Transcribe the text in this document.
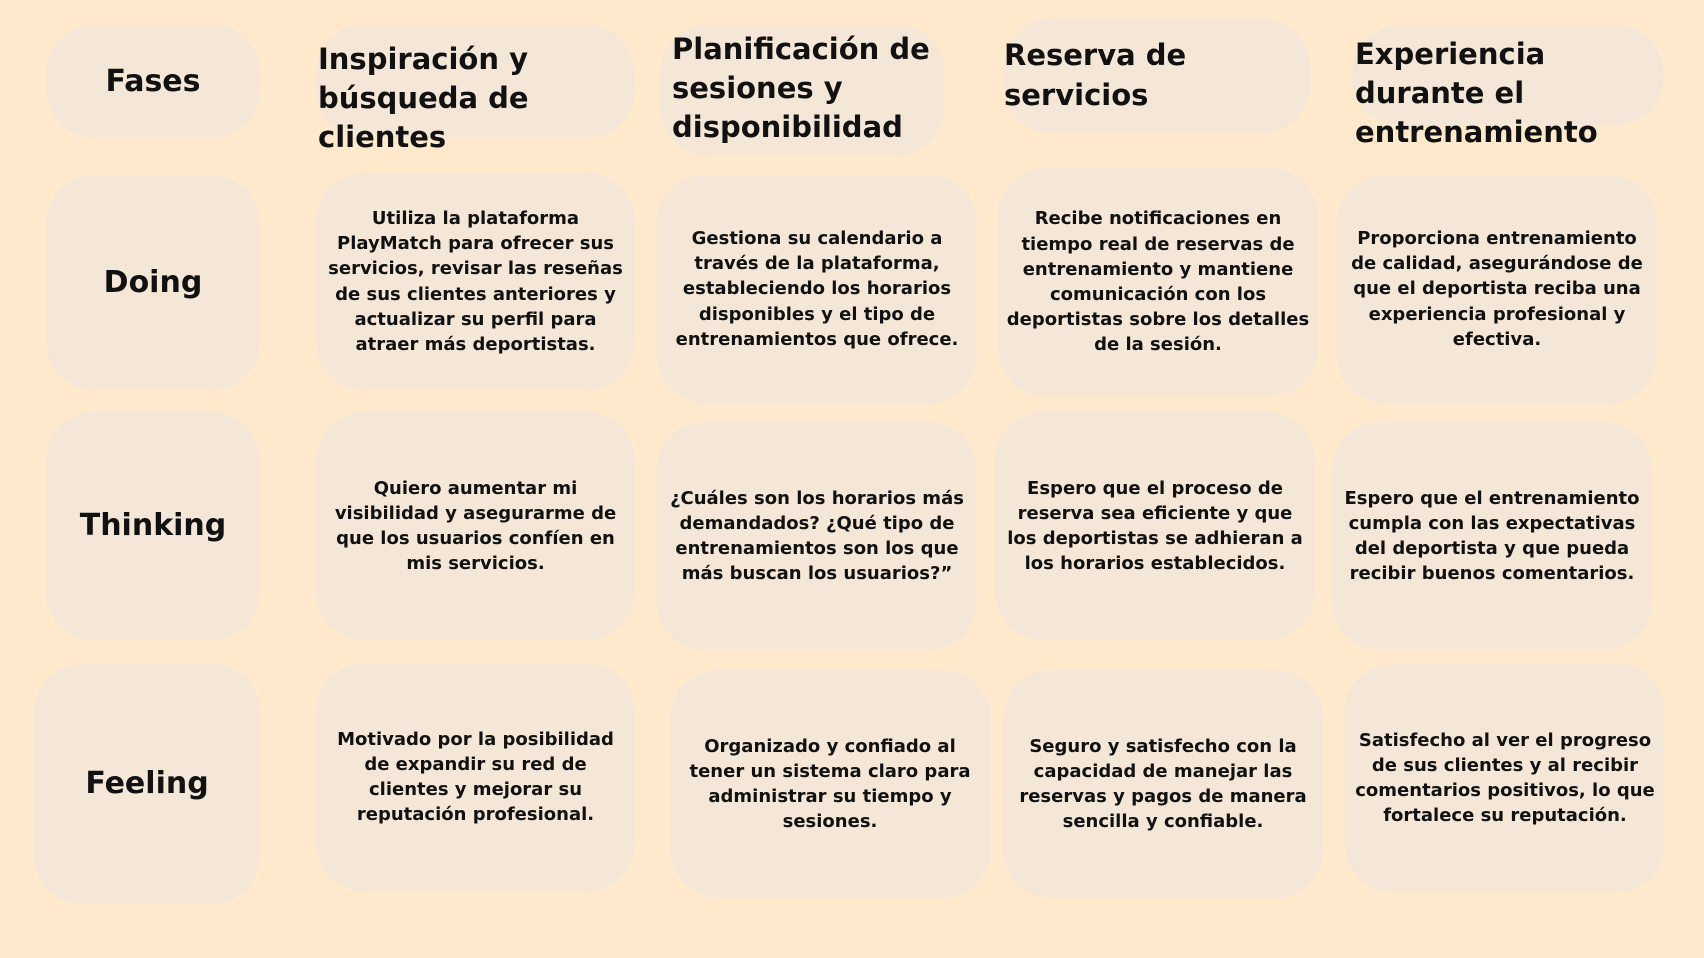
Fases
Inspiración y búsqueda de clientes
Planificación de sesiones y disponibilidad
Reserva de servicios
Experiencia durante el entrenamiento
Doing
Utiliza la plataforma PlayMatch para ofrecer sus servicios, revisar las reseñas de sus clientes anteriores y actualizar su perfil para atraer más deportistas.
Gestiona su calendario a través de la plataforma, estableciendo los horarios disponibles y el tipo de entrenamientos que ofrece.
Recibe notificaciones en tiempo real de reservas de entrenamiento y mantiene comunicación con los deportistas sobre los detalles de la sesión.
Proporciona entrenamiento de calidad, asegurándose de que el deportista reciba una experiencia profesional y efectiva.
Thinking
Quiero aumentar mi visibilidad y asegurarme de que los usuarios confíen en mis servicios.
¿Cuáles son los horarios más demandados? ¿Qué tipo de entrenamientos son los que más buscan los usuarios?”
Espero que el proceso de reserva sea eficiente y que los deportistas se adhieran a los horarios establecidos.
Espero que el entrenamiento cumpla con las expectativas del deportista y que pueda recibir buenos comentarios.
Feeling
Motivado por la posibilidad de expandir su red de clientes y mejorar su reputación profesional.
Organizado y confiado al tener un sistema claro para administrar su tiempo y sesiones.
Seguro y satisfecho con la capacidad de manejar las reservas y pagos de manera sencilla y confiable.
Satisfecho al ver el progreso de sus clientes y al recibir comentarios positivos, lo que fortalece su reputación.
